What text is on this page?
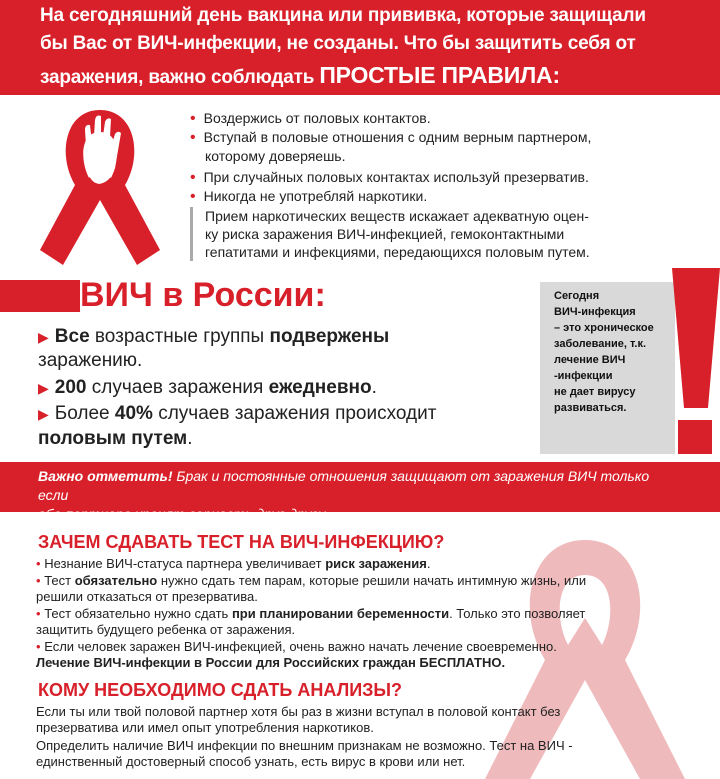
На сегодняшний день вакцина или прививка, которые защищали
бы Вас от ВИЧ-инфекции, не созданы. Что бы защитить себя от
заражения, важно соблюдать ПРОСТЫЕ ПРАВИЛА:
• Воздержись от половых контактов.
• Вступай в половые отношения с одним верным партнером,
которому доверяешь.
• При случайных половых контактах используй презерватив.
• Никогда не употребляй наркотики.
Прием наркотических веществ искажает адекватную оцен-
ку риска заражения ВИЧ-инфекцией, гемоконтактными
гепатитами и инфекциями, передающихся половым путем.
ВИЧ в России:
▶ Все возрастные группы подвержены
заражению.
▶ 200 случаев заражения ежедневно.
▶ Более 40% случаев заражения происходит
половым путем.
Сегодня
ВИЧ-инфекция
– это хроническое
заболевание, т.к.
лечение ВИЧ
-инфекции
не дает вирусу
развиваться.
Важно отметить! Брак и постоянные отношения защищают от заражения ВИЧ только если
оба партнера хранят верность друг другу.
ЗАЧЕМ СДАВАТЬ ТЕСТ НА ВИЧ-ИНФЕКЦИЮ?
• Незнание ВИЧ-статуса партнера увеличивает риск заражения.
• Тест обязательно нужно сдать тем парам, которые решили начать интимную жизнь, или
решили отказаться от презерватива.
• Тест обязательно нужно сдать при планировании беременности. Только это позволяет
защитить будущего ребенка от заражения.
• Если человек заражен ВИЧ-инфекцией, очень важно начать лечение своевременно.
Лечение ВИЧ-инфекции в России для Российских граждан БЕСПЛАТНО.
КОМУ НЕОБХОДИМО СДАТЬ АНАЛИЗЫ?
Если ты или твой половой партнер хотя бы раз в жизни вступал в половой контакт без
презерватива или имел опыт употребления наркотиков.
Определить наличие ВИЧ инфекции по внешним признакам не возможно. Тест на ВИЧ -
единственный достоверный способ узнать, есть вирус в крови или нет.
